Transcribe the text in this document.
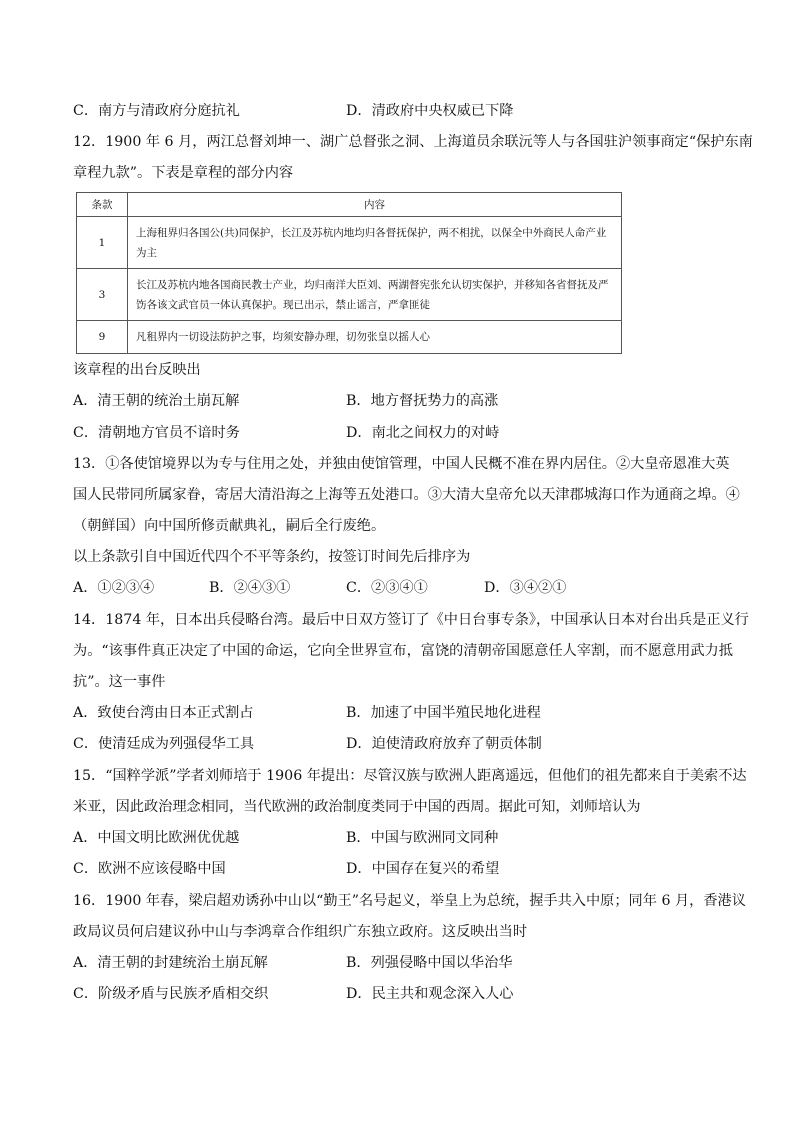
C．南方与清政府分庭抗礼	D．清政府中央权威已下降
12．1900 年 6 月，两江总督刘坤一、湖广总督张之洞、上海道员余联沅等人与各国驻沪领事商定“保护东南
章程九款”。下表是章程的部分内容
条款	内容
1	上海租界归各国公(共)同保护，长江及苏杭内地均归各督抚保护，两不相扰，以保全中外商民人命产业为主
3	长江及苏杭内地各国商民教士产业，均归南洋大臣刘、两湖督宪张允认切实保护，并移知各省督抚及严饬各该文武官员一体认真保护。现已出示，禁止谣言，严拿匪徒
9	凡租界内一切设法防护之事，均须安静办理，切勿张皇以摇人心
该章程的出台反映出
A．清王朝的统治土崩瓦解	B．地方督抚势力的高涨
C．清朝地方官员不谙时务	D．南北之间权力的对峙
13．①各使馆境界以为专与住用之处，并独由使馆管理，中国人民概不准在界内居住。②大皇帝恩准大英
国人民带同所属家眷，寄居大清沿海之上海等五处港口。③大清大皇帝允以天津郡城海口作为通商之埠。④
（朝鲜国）向中国所修贡献典礼，嗣后全行废绝。
以上条款引自中国近代四个不平等条约，按签订时间先后排序为
A．①②③④	B．②④③①	C．②③④①	D．③④②①
14．1874 年，日本出兵侵略台湾。最后中日双方签订了《中日台事专条》，中国承认日本对台出兵是正义行
为。“该事件真正决定了中国的命运，它向全世界宣布，富饶的清朝帝国愿意任人宰割，而不愿意用武力抵
抗”。这一事件
A．致使台湾由日本正式割占	B．加速了中国半殖民地化进程
C．使清廷成为列强侵华工具	D．迫使清政府放弃了朝贡体制
15．“国粹学派”学者刘师培于 1906 年提出：尽管汉族与欧洲人距离遥远，但他们的祖先都来自于美索不达
米亚，因此政治理念相同，当代欧洲的政治制度类同于中国的西周。据此可知，刘师培认为
A．中国文明比欧洲优优越	B．中国与欧洲同文同种
C．欧洲不应该侵略中国	D．中国存在复兴的希望
16．1900 年春，梁启超劝诱孙中山以“勤王”名号起义，举皇上为总统，握手共入中原；同年 6 月，香港议
政局议员何启建议孙中山与李鸿章合作组织广东独立政府。这反映出当时
A．清王朝的封建统治土崩瓦解	B．列强侵略中国以华治华
C．阶级矛盾与民族矛盾相交织	D．民主共和观念深入人心
